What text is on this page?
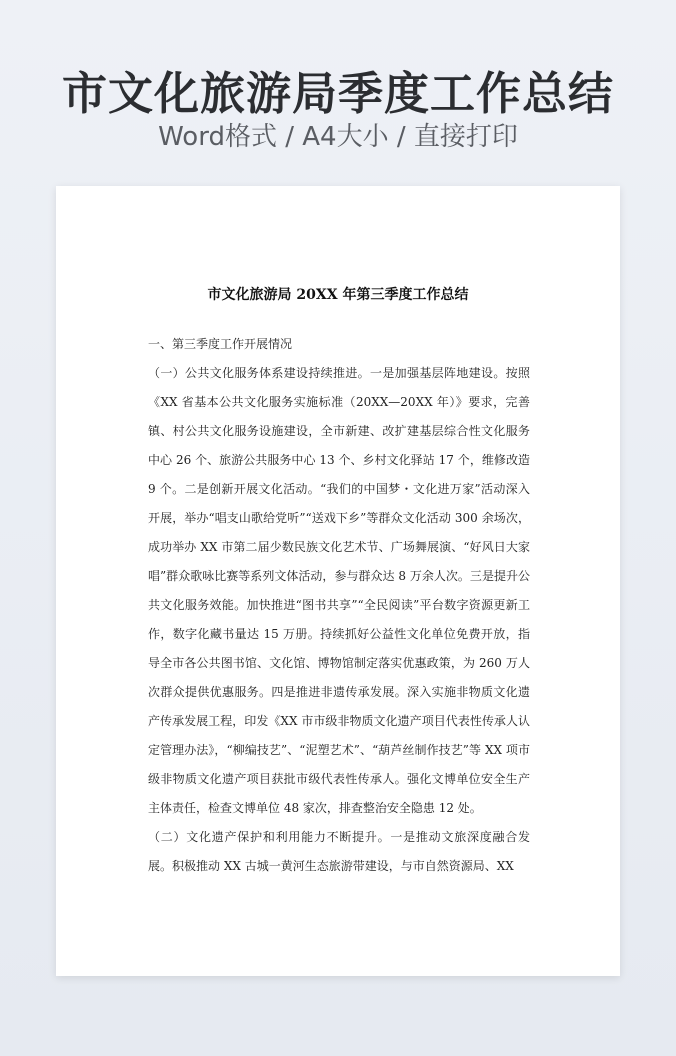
市文化旅游局季度工作总结
Word格式 / A4大小 / 直接打印
市文化旅游局 20XX 年第三季度工作总结

一、第三季度工作开展情况

（一）公共文化服务体系建设持续推进。一是加强基层阵地建设。按照《XX 省基本公共文化服务实施标准（20XX—20XX 年）》要求，完善镇、村公共文化服务设施建设，全市新建、改扩建基层综合性文化服务中心 26 个、旅游公共服务中心 13 个、乡村文化驿站 17 个，维修改造 9 个。二是创新开展文化活动。“我们的中国梦・文化进万家”活动深入开展，举办“唱支山歌给党听”“送戏下乡”等群众文化活动 300 余场次，成功举办 XX 市第二届少数民族文化艺术节、广场舞展演、“好风日大家唱”群众歌咏比赛等系列文体活动，参与群众达 8 万余人次。三是提升公共文化服务效能。加快推进“图书共享”“全民阅读”平台数字资源更新工作，数字化藏书量达 15 万册。持续抓好公益性文化单位免费开放，指导全市各公共图书馆、文化馆、博物馆制定落实优惠政策，为 260 万人次群众提供优惠服务。四是推进非遗传承发展。深入实施非物质文化遗产传承发展工程，印发《XX 市市级非物质文化遗产项目代表性传承人认定管理办法》，“柳编技艺”、“泥塑艺术”、“葫芦丝制作技艺”等 XX 项市级非物质文化遗产项目获批市级代表性传承人。强化文博单位安全生产主体责任，检查文博单位 48 家次，排查整治安全隐患 12 处。

（二）文化遗产保护和利用能力不断提升。一是推动文旅深度融合发展。积极推动 XX 古城一黄河生态旅游带建设，与市自然资源局、XX
